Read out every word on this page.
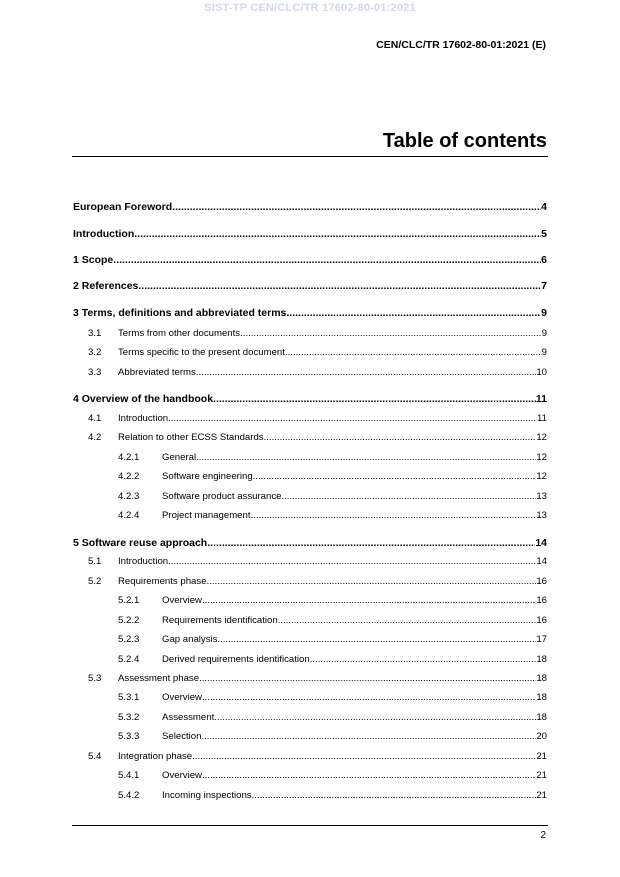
SIST-TP CEN/CLC/TR 17602-80-01:2021
CEN/CLC/TR 17602-80-01:2021 (E)
Table of contents
European Foreword .....	4
Introduction .....	5
1 Scope .....	6
2 References .....	7
3 Terms, definitions and abbreviated terms .....	9
3.1	Terms from other documents .....	9
3.2	Terms specific to the present document .....	9
3.3	Abbreviated terms .....	10
4 Overview of the handbook .....	11
4.1	Introduction .....	11
4.2	Relation to other ECSS Standards .....	12
4.2.1	General .....	12
4.2.2	Software engineering .....	12
4.2.3	Software product assurance .....	13
4.2.4	Project management .....	13
5 Software reuse approach .....	14
5.1	Introduction .....	14
5.2	Requirements phase .....	16
5.2.1	Overview .....	16
5.2.2	Requirements identification .....	16
5.2.3	Gap analysis .....	17
5.2.4	Derived requirements identification .....	18
5.3	Assessment phase .....	18
5.3.1	Overview .....	18
5.3.2	Assessment .....	18
5.3.3	Selection .....	20
5.4	Integration phase .....	21
5.4.1	Overview .....	21
5.4.2	Incoming inspections .....	21
2
